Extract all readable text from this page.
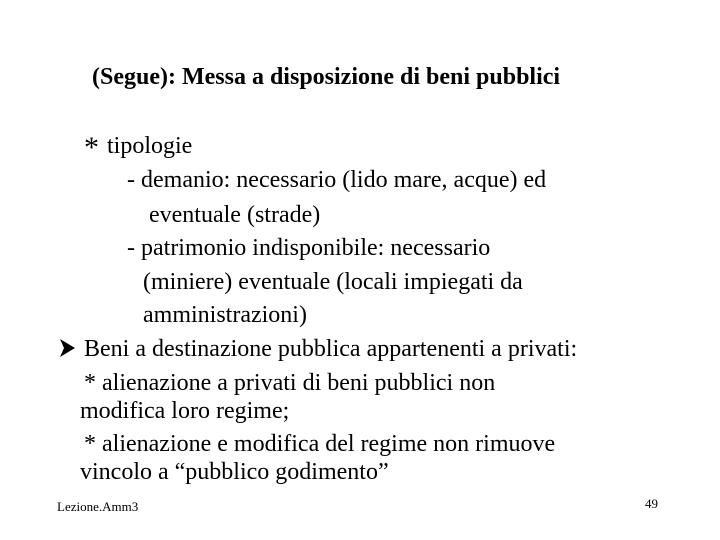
(Segue): Messa a disposizione di beni pubblici
* tipologie
- demanio: necessario (lido mare, acque) ed
eventuale (strade)
- patrimonio indisponibile: necessario
(miniere) eventuale (locali impiegati da
amministrazioni)
Beni a destinazione pubblica appartenenti a privati:
* alienazione a privati di beni pubblici non
modifica loro regime;
* alienazione e modifica del regime non rimuove
vincolo a “pubblico godimento”
Lezione.Amm3	49
